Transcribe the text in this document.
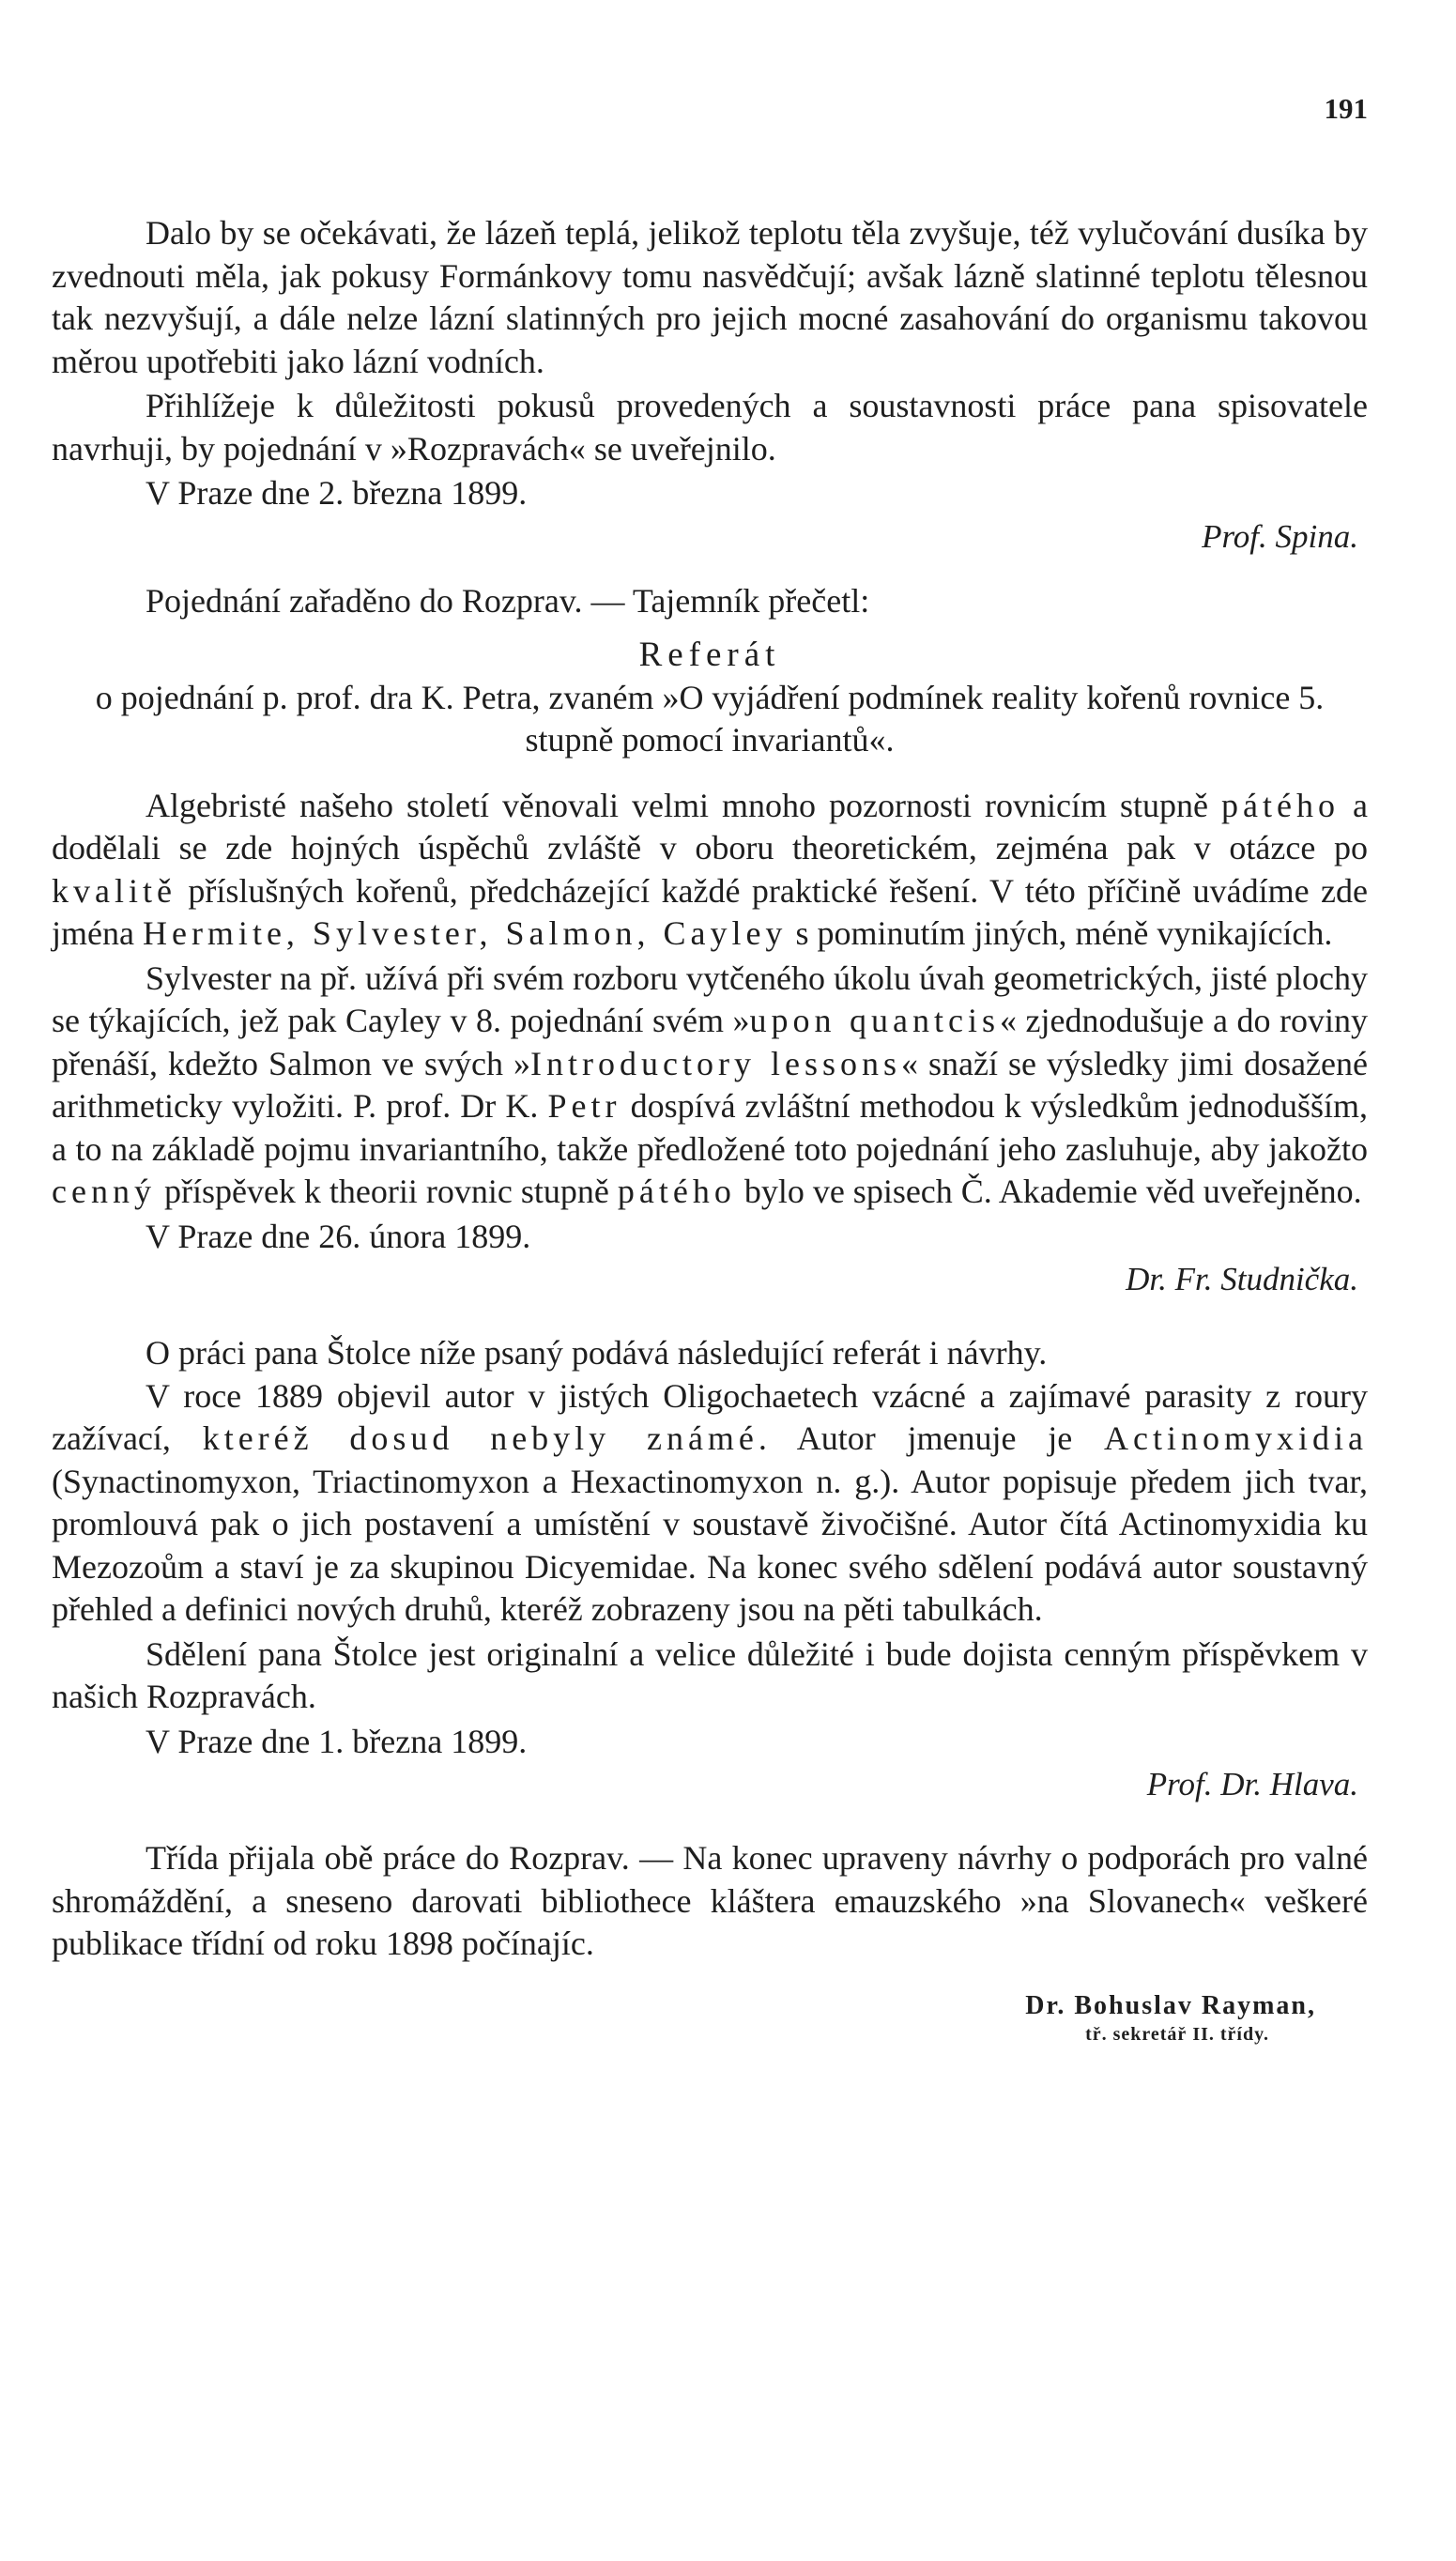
191

Dalo by se očekávati, že lázeň teplá, jelikož teplotu těla zvyšuje, též vylučování dusíka by zvednouti měla, jak pokusy Formánkovy tomu nasvědčují; avšak lázně slatinné teplotu tělesnou tak nezvyšují, a dále nelze lázní slatinných pro jejich mocné zasahování do organismu takovou měrou upotřebiti jako lázní vodních.

Přihlížeje k důležitosti pokusů provedených a soustavnosti práce pana spisovatele navrhuji, by pojednání v »Rozpravách« se uveřejnilo.

V Praze dne 2. března 1899.

Prof. Spina.

Pojednání zařaděno do Rozprav. — Tajemník přečetl:

Referát

o pojednání p. prof. dra K. Petra, zvaném »O vyjádření podmínek reality kořenů rovnice 5. stupně pomocí invariantů«.

Algebristé našeho století věnovali velmi mnoho pozornosti rovnicím stupně pátého a dodělali se zde hojných úspěchů zvláště v oboru theoretickém, zejména pak v otázce po kvalitě příslušných kořenů, předcházející každé praktické řešení. V této příčině uvádíme zde jména Hermite, Sylvester, Salmon, Cayley s pominutím jiných, méně vynikajících.

Sylvester na př. užívá při svém rozboru vytčeného úkolu úvah geometrických, jisté plochy se týkajících, jež pak Cayley v 8. pojednání svém »upon quantcis« zjednodušuje a do roviny přenáší, kdežto Salmon ve svých »Introductory lessons« snaží se výsledky jimi dosažené arithmeticky vyložiti. P. prof. Dr K. Petr dospívá zvláštní methodou k výsledkům jednodušším, a to na základě pojmu invariantního, takže předložené toto pojednání jeho zasluhuje, aby jakožto cenný příspěvek k theorii rovnic stupně pátého bylo ve spisech Č. Akademie věd uveřejněno.

V Praze dne 26. února 1899.

Dr. Fr. Studnička.

O práci pana Štolce níže psaný podává následující referát i návrhy.

V roce 1889 objevil autor v jistých Oligochaetech vzácné a zajímavé parasity z roury zažívací, kteréž dosud nebyly známé. Autor jmenuje je Actinomyxidia (Synactinomyxon, Triactinomyxon a Hexactinomyxon n. g.). Autor popisuje předem jich tvar, promlouvá pak o jich postavení a umístění v soustavě živočišné. Autor čítá Actinomyxidia ku Mezozoům a staví je za skupinou Dicyemidae. Na konec svého sdělení podává autor soustavný přehled a definici nových druhů, kteréž zobrazeny jsou na pěti tabulkách.

Sdělení pana Štolce jest originalní a velice důležité i bude dojista cenným příspěvkem v našich Rozpravách.

V Praze dne 1. března 1899.

Prof. Dr. Hlava.

Třída přijala obě práce do Rozprav. — Na konec upraveny návrhy o podporách pro valné shromáždění, a sneseno darovati bibliothece kláštera emauzského »na Slovanech« veškeré publikace třídní od roku 1898 počínajíc.

Dr. Bohuslav Rayman,
tř. sekretář II. třídy.
